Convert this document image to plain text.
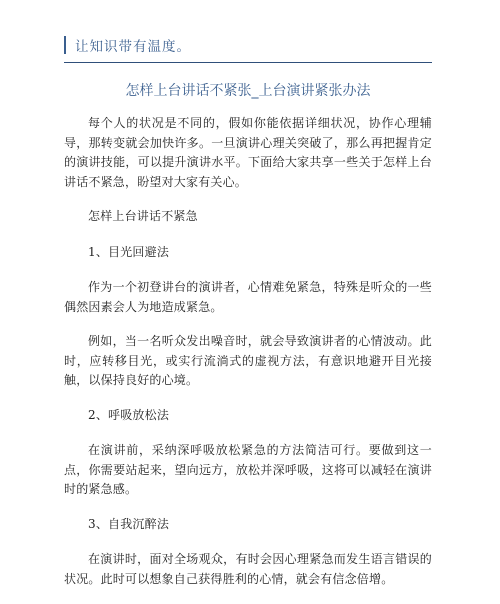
让知识带有温度。
怎样上台讲话不紧张_上台演讲紧张办法

每个人的状况是不同的，假如你能依据详细状况，协作心理辅导，那转变就会加快许多。一旦演讲心理关突破了，那么再把握肯定的演讲技能，可以提升演讲水平。下面给大家共享一些关于怎样上台讲话不紧急，盼望对大家有关心。

怎样上台讲话不紧急

1、目光回避法

作为一个初登讲台的演讲者，心情难免紧急，特殊是听众的一些偶然因素会人为地造成紧急。

例如，当一名听众发出噪音时，就会导致演讲者的心情波动。此时，应转移目光，或实行流淌式的虚视方法，有意识地避开目光接触，以保持良好的心境。

2、呼吸放松法

在演讲前，采纳深呼吸放松紧急的方法简洁可行。要做到这一点，你需要站起来，望向远方，放松并深呼吸，这将可以减轻在演讲时的紧急感。

3、自我沉醉法

在演讲时，面对全场观众，有时会因心理紧急而发生语言错误的状况。此时可以想象自己获得胜利的心情，就会有信念倍增。
